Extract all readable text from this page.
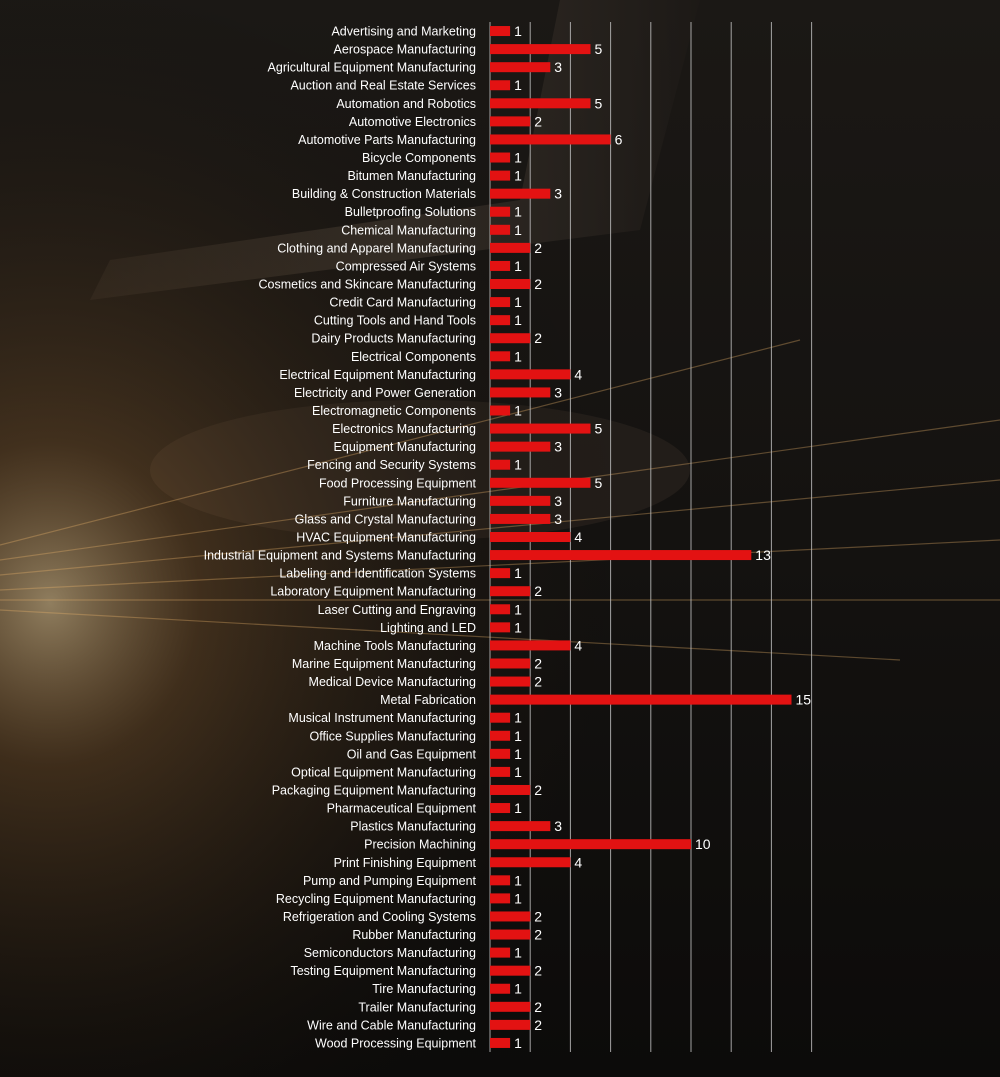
Advertising and Marketing	1
Aerospace Manufacturing	5
Agricultural Equipment Manufacturing	3
Auction and Real Estate Services	1
Automation and Robotics	5
Automotive Electronics	2
Automotive Parts Manufacturing	6
Bicycle Components	1
Bitumen Manufacturing	1
Building & Construction Materials	3
Bulletproofing Solutions	1
Chemical Manufacturing	1
Clothing and Apparel Manufacturing	2
Compressed Air Systems	1
Cosmetics and Skincare Manufacturing	2
Credit Card Manufacturing	1
Cutting Tools and Hand Tools	1
Dairy Products Manufacturing	2
Electrical Components	1
Electrical Equipment Manufacturing	4
Electricity and Power Generation	3
Electromagnetic Components	1
Electronics Manufacturing	5
Equipment Manufacturing	3
Fencing and Security Systems	1
Food Processing Equipment	5
Furniture Manufacturing	3
Glass and Crystal Manufacturing	3
HVAC Equipment Manufacturing	4
Industrial Equipment and Systems Manufacturing	13
Labeling and Identification Systems	1
Laboratory Equipment Manufacturing	2
Laser Cutting and Engraving	1
Lighting and LED	1
Machine Tools Manufacturing	4
Marine Equipment Manufacturing	2
Medical Device Manufacturing	2
Metal Fabrication	15
Musical Instrument Manufacturing	1
Office Supplies Manufacturing	1
Oil and Gas Equipment	1
Optical Equipment Manufacturing	1
Packaging Equipment Manufacturing	2
Pharmaceutical Equipment	1
Plastics Manufacturing	3
Precision Machining	10
Print Finishing Equipment	4
Pump and Pumping Equipment	1
Recycling Equipment Manufacturing	1
Refrigeration and Cooling Systems	2
Rubber Manufacturing	2
Semiconductors Manufacturing	1
Testing Equipment Manufacturing	2
Tire Manufacturing	1
Trailer Manufacturing	2
Wire and Cable Manufacturing	2
Wood Processing Equipment	1
